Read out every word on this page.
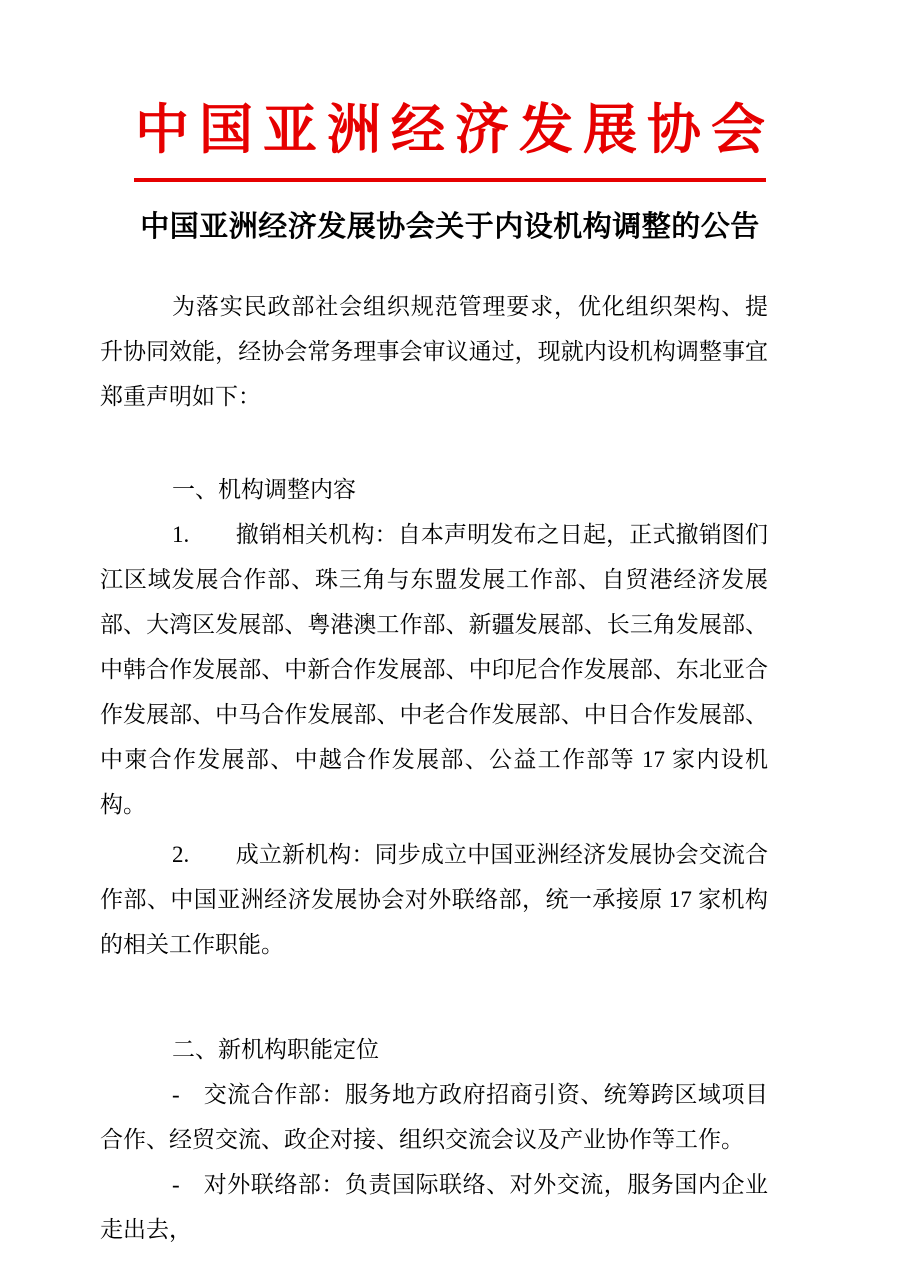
中国亚洲经济发展协会
中国亚洲经济发展协会关于内设机构调整的公告

为落实民政部社会组织规范管理要求，优化组织架构、提升协同效能，经协会常务理事会审议通过，现就内设机构调整事宜郑重声明如下：

一、机构调整内容

1.　　撤销相关机构：自本声明发布之日起，正式撤销图们江区域发展合作部、珠三角与东盟发展工作部、自贸港经济发展部、大湾区发展部、粤港澳工作部、新疆发展部、长三角发展部、中韩合作发展部、中新合作发展部、中印尼合作发展部、东北亚合作发展部、中马合作发展部、中老合作发展部、中日合作发展部、中柬合作发展部、中越合作发展部、公益工作部等 17 家内设机构。

2.　　成立新机构：同步成立中国亚洲经济发展协会交流合作部、中国亚洲经济发展协会对外联络部，统一承接原 17 家机构的相关工作职能。

二、新机构职能定位

-　交流合作部：服务地方政府招商引资、统筹跨区域项目合作、经贸交流、政企对接、组织交流会议及产业协作等工作。

-　对外联络部：负责国际联络、对外交流，服务国内企业走出去，
